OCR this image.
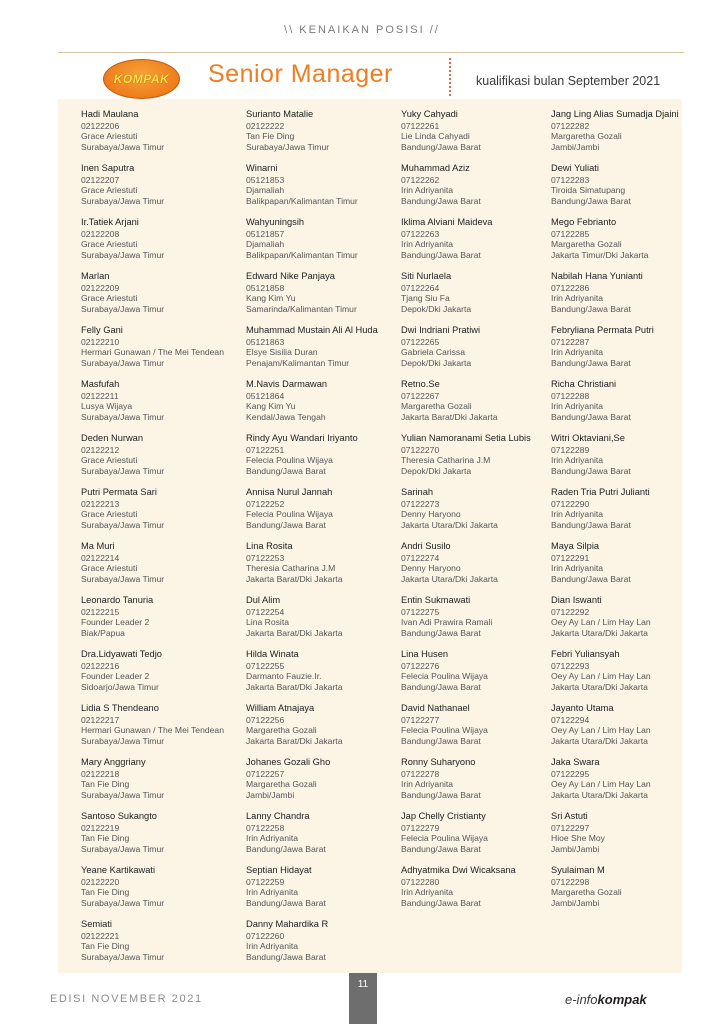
\\ KENAIKAN POSISI //
KOMPAK Senior Manager	kualifikasi bulan September 2021
Hadi Maulana
02122206
Grace Ariestuti
Surabaya/Jawa Timur
Inen Saputra
02122207
Grace Ariestuti
Surabaya/Jawa Timur
Ir.Tatiek Arjani
02122208
Grace Ariestuti
Surabaya/Jawa Timur
Marlan
02122209
Grace Ariestuti
Surabaya/Jawa Timur
Felly Gani
02122210
Hermari Gunawan / The Mei Tendean
Surabaya/Jawa Timur
Masfufah
02122211
Lusya Wijaya
Surabaya/Jawa Timur
Deden Nurwan
02122212
Grace Ariestuti
Surabaya/Jawa Timur
Putri Permata Sari
02122213
Grace Ariestuti
Surabaya/Jawa Timur
Ma Muri
02122214
Grace Ariestuti
Surabaya/Jawa Timur
Leonardo Tanuria
02122215
Founder Leader 2
Biak/Papua
Dra.Lidyawati Tedjo
02122216
Founder Leader 2
Sidoarjo/Jawa Timur
Lidia S Thendeano
02122217
Hermari Gunawan / The Mei Tendean
Surabaya/Jawa Timur
Mary Anggriany
02122218
Tan Fie Ding
Surabaya/Jawa Timur
Santoso Sukangto
02122219
Tan Fie Ding
Surabaya/Jawa Timur
Yeane Kartikawati
02122220
Tan Fie Ding
Surabaya/Jawa Timur
Semiati
02122221
Tan Fie Ding
Surabaya/Jawa Timur
Surianto Matalie
02122222
Tan Fie Ding
Surabaya/Jawa Timur
Winarni
05121853
Djamaliah
Balikpapan/Kalimantan Timur
Wahyuningsih
05121857
Djamaliah
Balikpapan/Kalimantan Timur
Edward Nike Panjaya
05121858
Kang Kim Yu
Samarinda/Kalimantan Timur
Muhammad Mustain Ali Al Huda
05121863
Elsye Sisilia Duran
Penajam/Kalimantan Timur
M.Navis Darmawan
05121864
Kang Kim Yu
Kendal/Jawa Tengah
Rindy Ayu Wandari Iriyanto
07122251
Felecia Poulina Wijaya
Bandung/Jawa Barat
Annisa Nurul Jannah
07122252
Felecia Poulina Wijaya
Bandung/Jawa Barat
Lina Rosita
07122253
Theresia Catharina J.M
Jakarta Barat/Dki Jakarta
Dul Alim
07122254
Lina Rosita
Jakarta Barat/Dki Jakarta
Hilda Winata
07122255
Darmanto Fauzie.Ir.
Jakarta Barat/Dki Jakarta
William Atnajaya
07122256
Margaretha Gozali
Jakarta Barat/Dki Jakarta
Johanes Gozali Gho
07122257
Margaretha Gozali
Jambi/Jambi
Lanny Chandra
07122258
Irin Adriyanita
Bandung/Jawa Barat
Septian Hidayat
07122259
Irin Adriyanita
Bandung/Jawa Barat
Danny Mahardika R
07122260
Irin Adriyanita
Bandung/Jawa Barat
Yuky Cahyadi
07122261
Lie Linda Cahyadi
Bandung/Jawa Barat
Muhammad Aziz
07122262
Irin Adriyanita
Bandung/Jawa Barat
Iklima Alviani Maideva
07122263
Irin Adriyanita
Bandung/Jawa Barat
Siti Nurlaela
07122264
Tjang Siu Fa
Depok/Dki Jakarta
Dwi Indriani Pratiwi
07122265
Gabriela Carissa
Depok/Dki Jakarta
Retno.Se
07122267
Margaretha Gozali
Jakarta Barat/Dki Jakarta
Yulian Namoranami Setia Lubis
07122270
Theresia Catharina J.M
Depok/Dki Jakarta
Sarinah
07122273
Denny Haryono
Jakarta Utara/Dki Jakarta
Andri Susilo
07122274
Denny Haryono
Jakarta Utara/Dki Jakarta
Entin Sukmawati
07122275
Ivan Adi Prawira Ramali
Bandung/Jawa Barat
Lina Husen
07122276
Felecia Poulina Wijaya
Bandung/Jawa Barat
David Nathanael
07122277
Felecia Poulina Wijaya
Bandung/Jawa Barat
Ronny Suharyono
07122278
Irin Adriyanita
Bandung/Jawa Barat
Jap Chelly Cristianty
07122279
Felecia Poulina Wijaya
Bandung/Jawa Barat
Adhyatmika Dwi Wicaksana
07122280
Irin Adriyanita
Bandung/Jawa Barat
Jang Ling Alias Sumadja Djaini
07122282
Margaretha Gozali
Jambi/Jambi
Dewi Yuliati
07122283
Tiroida Simatupang
Bandung/Jawa Barat
Mego Febrianto
07122285
Margaretha Gozali
Jakarta Timur/Dki Jakarta
Nabilah Hana Yunianti
07122286
Irin Adriyanita
Bandung/Jawa Barat
Febryliana Permata Putri
07122287
Irin Adriyanita
Bandung/Jawa Barat
Richa Christiani
07122288
Irin Adriyanita
Bandung/Jawa Barat
Witri Oktaviani,Se
07122289
Irin Adriyanita
Bandung/Jawa Barat
Raden Tria Putri Julianti
07122290
Irin Adriyanita
Bandung/Jawa Barat
Maya Silpia
07122291
Irin Adriyanita
Bandung/Jawa Barat
Dian Iswanti
07122292
Oey Ay Lan / Lim Hay Lan
Jakarta Utara/Dki Jakarta
Febri Yuliansyah
07122293
Oey Ay Lan / Lim Hay Lan
Jakarta Utara/Dki Jakarta
Jayanto Utama
07122294
Oey Ay Lan / Lim Hay Lan
Jakarta Utara/Dki Jakarta
Jaka Swara
07122295
Oey Ay Lan / Lim Hay Lan
Jakarta Utara/Dki Jakarta
Sri Astuti
07122297
Hioe She Moy
Jambi/Jambi
Syulaiman M
07122298
Margaretha Gozali
Jambi/Jambi
EDISI NOVEMBER 2021
11
e-infokompak
